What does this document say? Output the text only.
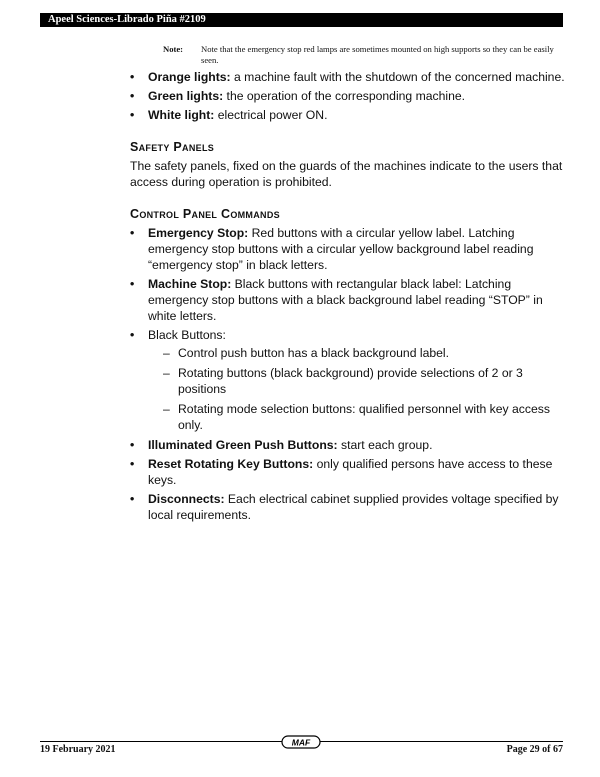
Apeel Sciences-Librado Piña #2109
Note: Note that the emergency stop red lamps are sometimes mounted on high supports so they can be easily seen.
• Orange lights: a machine fault with the shutdown of the concerned machine.
• Green lights: the operation of the corresponding machine.
• White light: electrical power ON.
Safety Panels

The safety panels, fixed on the guards of the machines indicate to the users that access during operation is prohibited.

Control Panel Commands
• Emergency Stop: Red buttons with a circular yellow label. Latching emergency stop buttons with a circular yellow background label reading “emergency stop” in black letters.
• Machine Stop: Black buttons with rectangular black label: Latching emergency stop buttons with a black background label reading “STOP” in white letters.
• Black Buttons:
– Control push button has a black background label.
– Rotating buttons (black background) provide selections of 2 or 3 positions
– Rotating mode selection buttons: qualified personnel with key access only.
• Illuminated Green Push Buttons: start each group.
• Reset Rotating Key Buttons: only qualified persons have access to these keys.
• Disconnects: Each electrical cabinet supplied provides voltage specified by local requirements.
19 February 2021
MAF
Page 29 of 67
